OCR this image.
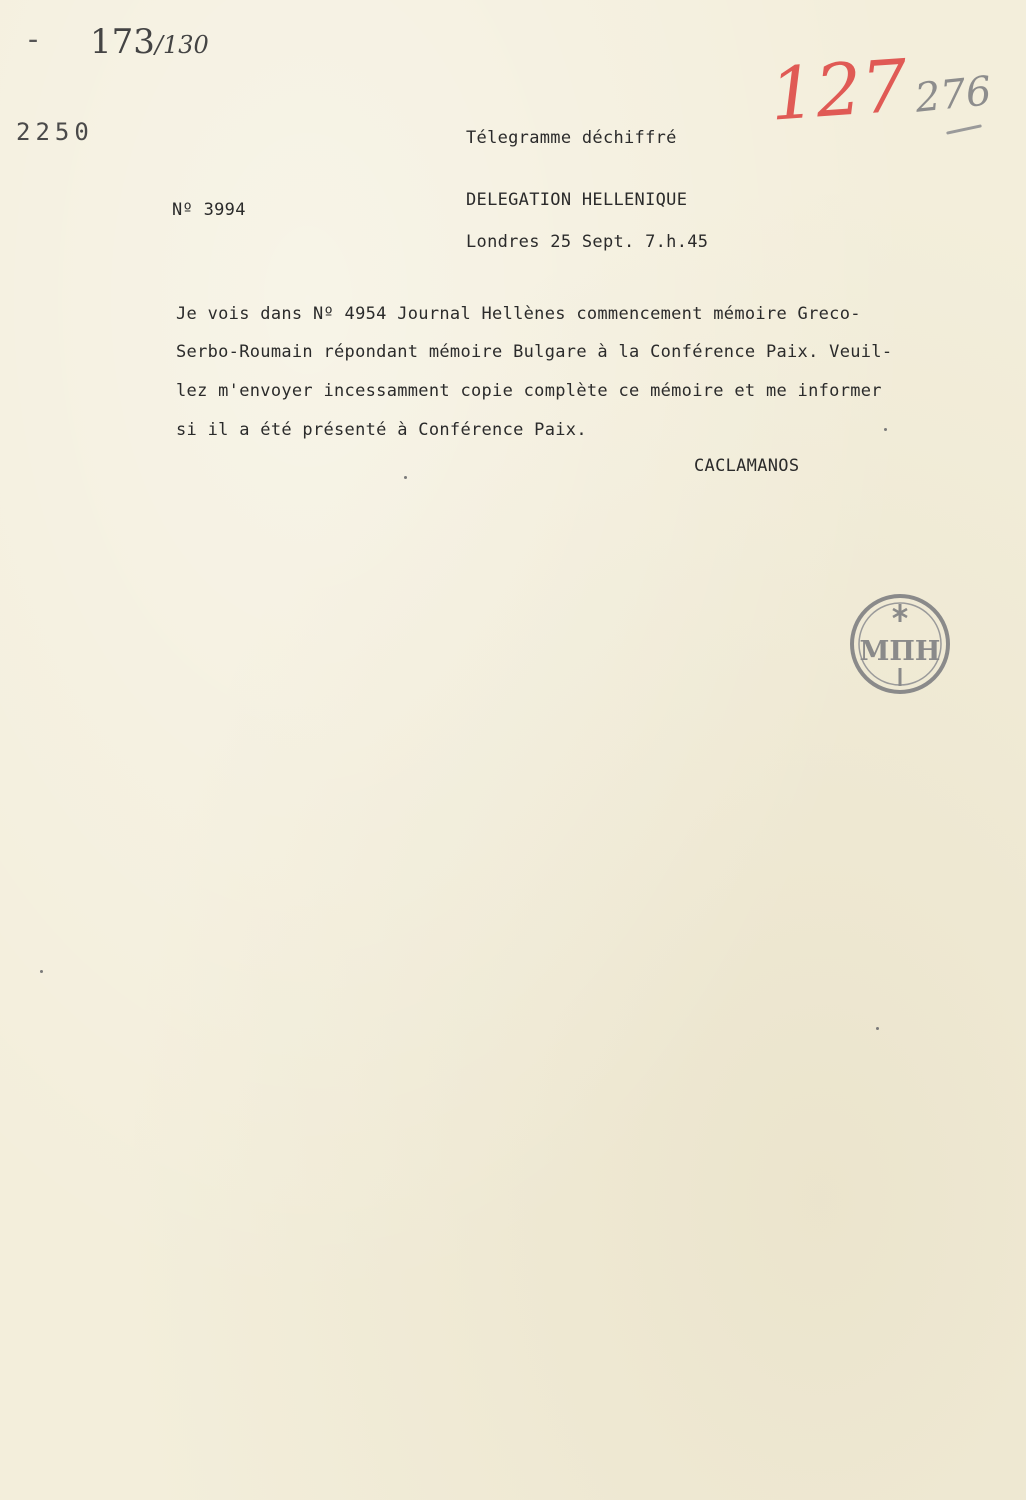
- 173/130	127 276
2250	Télegramme déchiffré
Nº 3994	DELEGATION HELLENIQUE
Londres 25 Sept. 7.h.45
Je vois dans Nº 4954 Journal Hellènes commencement mémoire Greco-
Serbo-Roumain répondant mémoire Bulgare à la Conférence Paix. Veuil-
lez m'envoyer incessamment copie complète ce mémoire et me informer
si il a été présenté à Conférence Paix.
CACLAMANOS
ΜΠΗ
